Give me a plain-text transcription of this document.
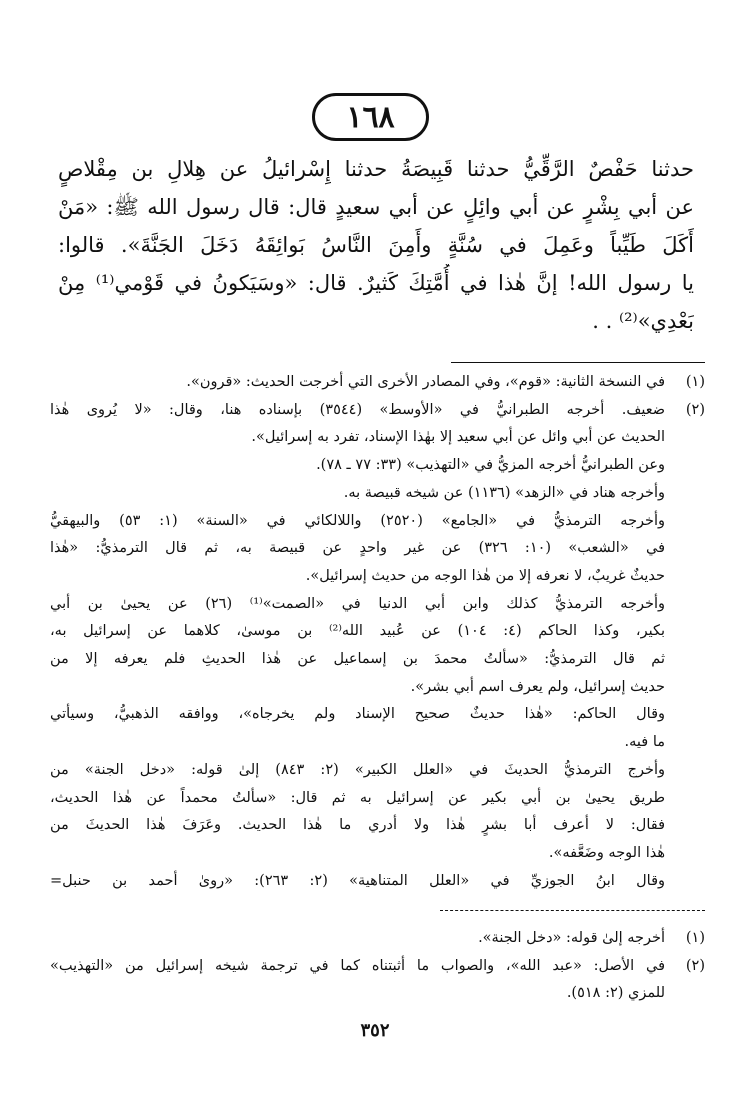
١٦٨
حدثنا حَفْصٌ الرَّقِّيُّ حدثنا قَبِيصَةُ حدثنا إِسْرائيلُ عن هِلالِ بن مِقْلاصٍ
عن أبي بِشْرٍ عن أبي وائِلٍ عن أبي سعيدٍ قال: قال رسول الله ﷺ: «مَنْ
أَكَلَ طَيِّباً وعَمِلَ في سُنَّةٍ وأَمِنَ النَّاسُ بَوائِقَهُ دَخَلَ الجَنَّةَ». قالوا:
يا رسول الله! إنَّ هٰذا في أُمَّتِكَ كَثيرٌ. قال: «وسَيَكونُ في قَوْمي⁽¹⁾ مِنْ
بَعْدِي»⁽²⁾ . .
(١)
في النسخة الثانية: «قوم»، وفي المصادر الأخرى التي أخرجت الحديث: «قرون».
(٢)
ضعيف. أخرجه الطبرانيُّ في «الأوسط» (٣٥٤٤) بإسناده هنا، وقال: «لا يُروى هٰذا
الحديث عن أبي وائل عن أبي سعيد إلا بهٰذا الإسناد، تفرد به إسرائيل».
وعن الطبرانيُّ أخرجه المزيُّ في «التهذيب» (٣٣: ٧٧ ـ ٧٨).
وأخرجه هناد في «الزهد» (١١٣٦) عن شيخه قبيصة به.
وأخرجه الترمذيُّ في «الجامع» (٢٥٢٠) واللالكائي في «السنة» (١: ٥٣) والبيهقيُّ
في «الشعب» (١٠: ٣٢٦) عن غير واحدٍ عن قبيصة به، ثم قال الترمذيُّ: «هٰذا
حديثٌ غريبٌ، لا نعرفه إلا من هٰذا الوجه من حديث إسرائيل».
وأخرجه الترمذيُّ كذلك وابن أبي الدنيا في «الصمت»⁽¹⁾ (٢٦) عن يحيىٰ بن أبي
بكير، وكذا الحاكم (٤: ١٠٤) عن عُبيد الله⁽²⁾ بن موسىٰ، كلاهما عن إسرائيل به،
ثم قال الترمذيُّ: «سألتُ محمدَ بن إسماعيل عن هٰذا الحديثِ فلم يعرفه إلا من
حديث إسرائيل، ولم يعرف اسم أبي بشر».
وقال الحاكم: «هٰذا حديثٌ صحيح الإسناد ولم يخرجاه»، ووافقه الذهبيُّ، وسيأتي
ما فيه.
وأخرج الترمذيُّ الحديثَ في «العلل الكبير» (٢: ٨٤٣) إلىٰ قوله: «دخل الجنة» من
طريق يحيىٰ بن أبي بكير عن إسرائيل به ثم قال: «سألتُ محمداً عن هٰذا الحديث،
فقال: لا أعرف أبا بشرٍ هٰذا ولا أدري ما هٰذا الحديث. وعَرَفَ هٰذا الحديثَ من
هٰذا الوجه وضَعَّفه».
وقال ابنُ الجوزيِّ في «العلل المتناهية» (٢: ٢٦٣): «روىٰ أحمد بن حنبل=
(١)
أخرجه إلىٰ قوله: «دخل الجنة».
(٢)
في الأصل: «عبد الله»، والصواب ما أثبتناه كما في ترجمة شيخه إسرائيل من «التهذيب»
للمزي (٢: ٥١٨).
٣٥٢
